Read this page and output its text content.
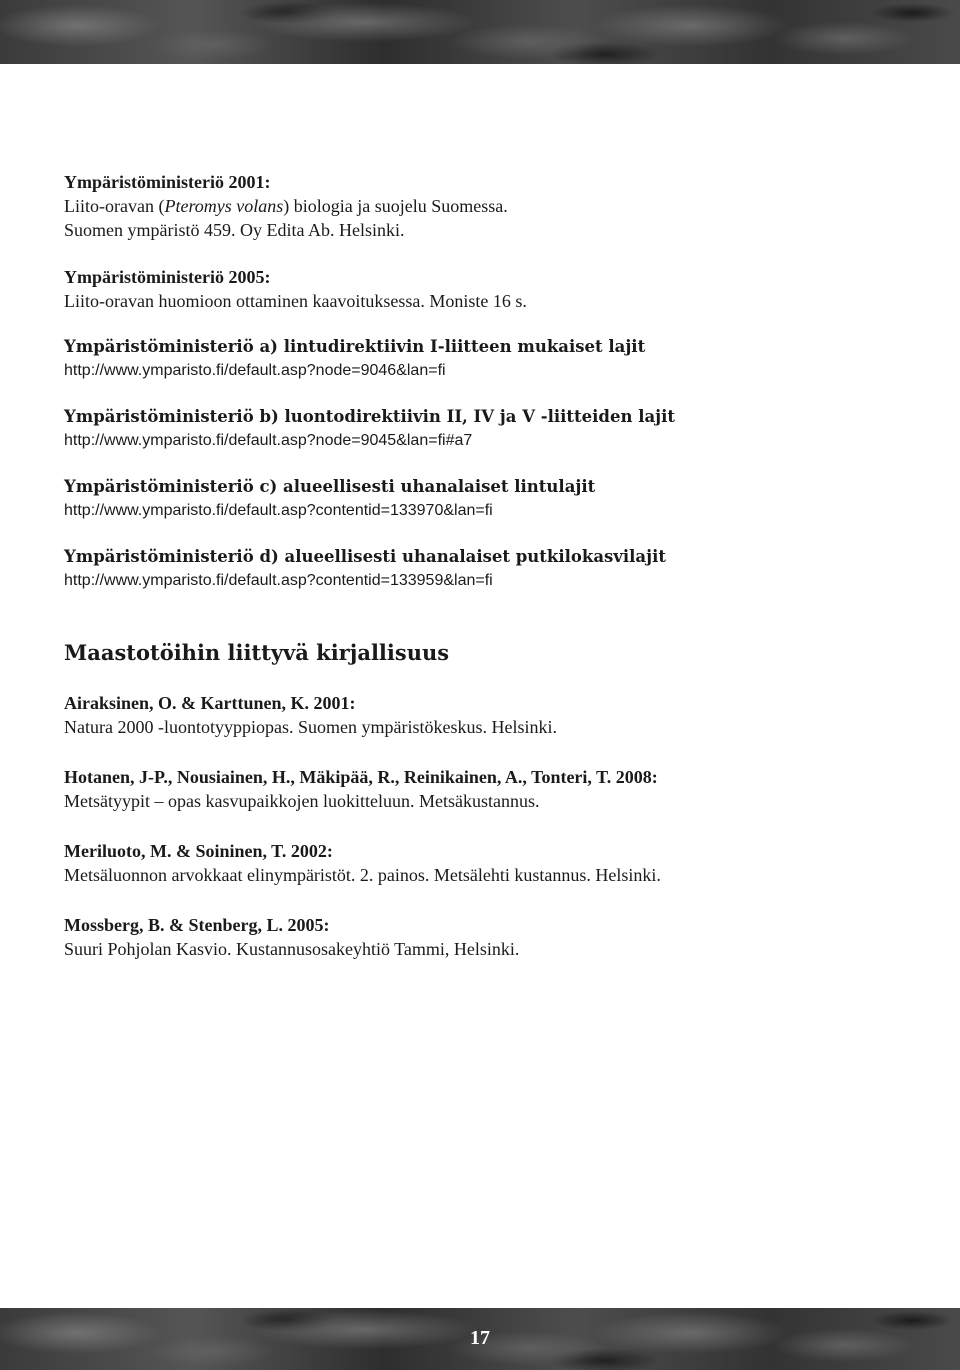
Ympäristöministeriö 2001:
Liito-oravan (Pteromys volans) biologia ja suojelu Suomessa.
Suomen ympäristö 459. Oy Edita Ab. Helsinki.
Ympäristöministeriö 2005:
Liito-oravan huomioon ottaminen kaavoituksessa. Moniste 16 s.
Ympäristöministeriö a) lintudirektiivin I-liitteen mukaiset lajit
http://www.ymparisto.fi/default.asp?node=9046&lan=fi
Ympäristöministeriö b) luontodirektiivin II, IV ja V -liitteiden lajit
http://www.ymparisto.fi/default.asp?node=9045&lan=fi#a7
Ympäristöministeriö c) alueellisesti uhanalaiset lintulajit
http://www.ymparisto.fi/default.asp?contentid=133970&lan=fi
Ympäristöministeriö d) alueellisesti uhanalaiset putkilokasvilajit
http://www.ymparisto.fi/default.asp?contentid=133959&lan=fi
Maastotöihin liittyvä kirjallisuus
Airaksinen, O. & Karttunen, K. 2001:
Natura 2000 -luontotyyppiopas. Suomen ympäristökeskus. Helsinki.
Hotanen, J-P., Nousiainen, H., Mäkipää, R., Reinikainen, A., Tonteri, T. 2008:
Metsätyypit – opas kasvupaikkojen luokitteluun. Metsäkustannus.
Meriluoto, M. & Soininen, T. 2002:
Metsäluonnon arvokkaat elinympäristöt. 2. painos. Metsälehti kustannus. Helsinki.
Mossberg, B. & Stenberg, L. 2005:
Suuri Pohjolan Kasvio. Kustannusosakeyhtiö Tammi, Helsinki.
17
